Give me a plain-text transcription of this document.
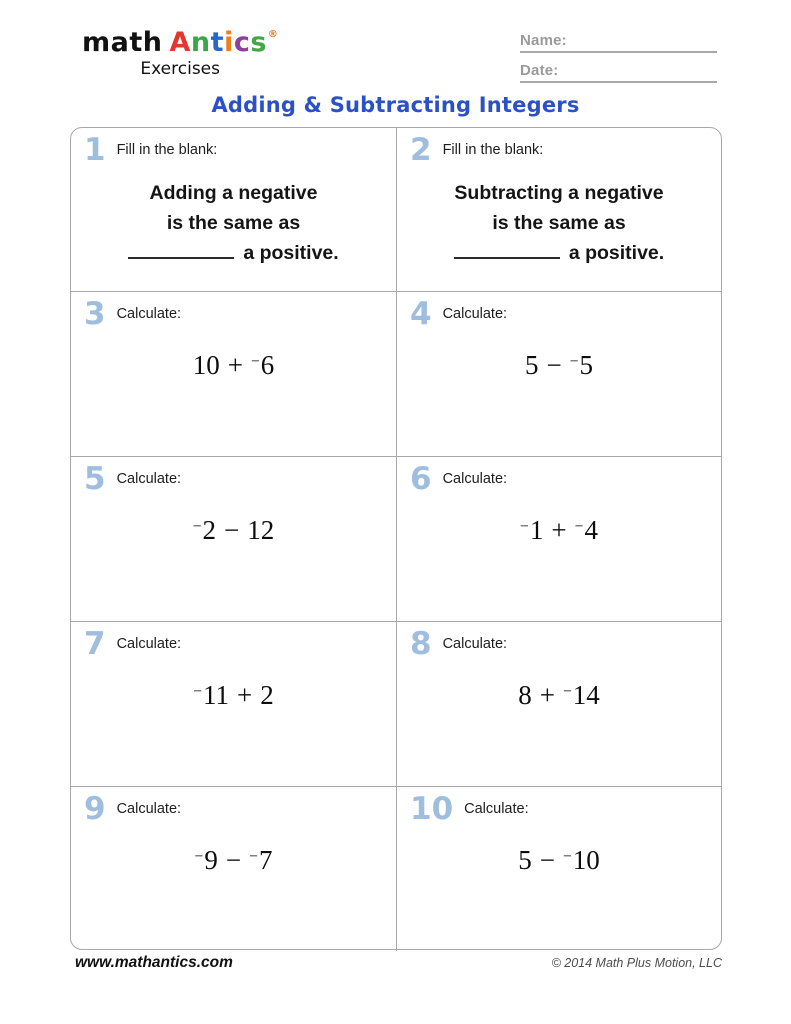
math Antics®
Exercises
Name:
Date:
Adding & Subtracting Integers
1 Fill in the blank:
Adding a negative
is the same as
a positive.
2 Fill in the blank:
Subtracting a negative
is the same as
a positive.
3 Calculate:
10 + −6
4 Calculate:
5 − −5
5 Calculate:
−2 − 12
6 Calculate:
−1 + −4
7 Calculate:
−11 + 2
8 Calculate:
8 + −14
9 Calculate:
−9 − −7
10 Calculate:
5 − −10
www.mathantics.com	© 2014 Math Plus Motion, LLC
